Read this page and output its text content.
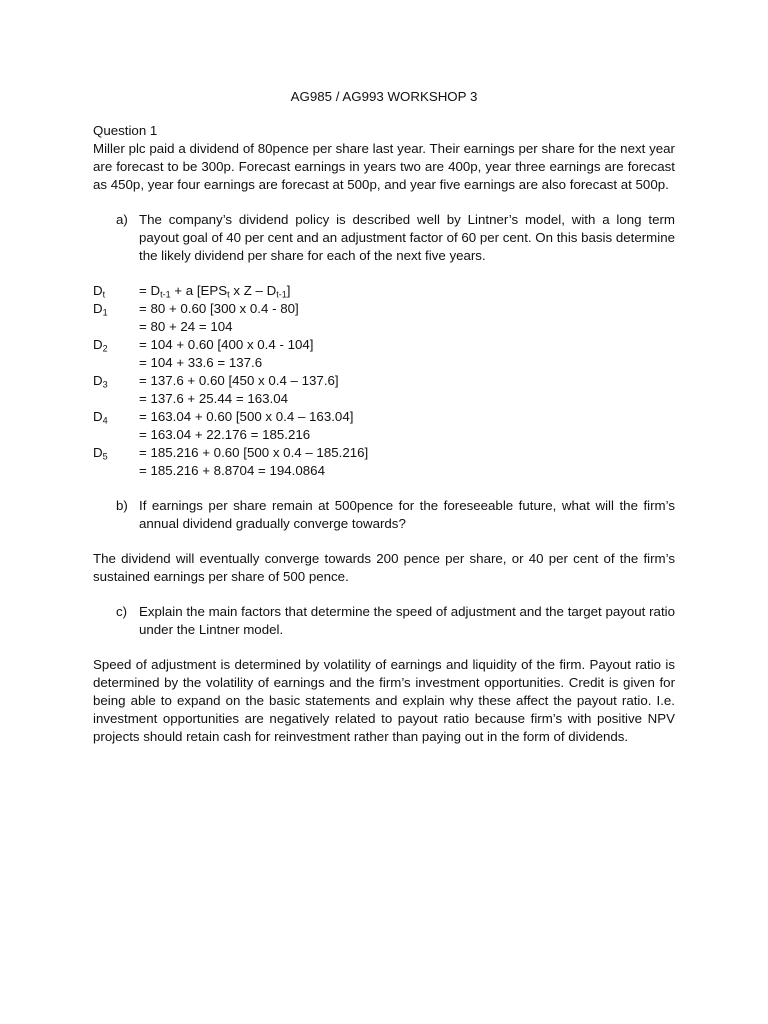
AG985 / AG993 WORKSHOP 3

Question 1

Miller plc paid a dividend of 80pence per share last year. Their earnings per share for the next year are forecast to be 300p. Forecast earnings in years two are 400p, year three earnings are forecast as 450p, year four earnings are forecast at 500p, and year five earnings are also forecast at 500p.

a) The company’s dividend policy is described well by Lintner’s model, with a long term payout goal of 40 per cent and an adjustment factor of 60 per cent. On this basis determine the likely dividend per share for each of the next five years.
$D_t$	= $D_{t-1} + a$ [$EPS_t$ x Z – $D_{t-1}$]
$D_1$	= 80 + 0.60 [300 x 0.4 - 80]
= 80 + 24 = 104
$D_2$	= 104 + 0.60 [400 x 0.4 - 104]
= 104 + 33.6 = 137.6
$D_3$	= 137.6 + 0.60 [450 x 0.4 – 137.6]
= 137.6 + 25.44 = 163.04
$D_4$	= 163.04 + 0.60 [500 x 0.4 – 163.04]
= 163.04 + 22.176 = 185.216
$D_5$	= 185.216 + 0.60 [500 x 0.4 – 185.216]
= 185.216 + 8.8704 = 194.0864
b) If earnings per share remain at 500pence for the foreseeable future, what will the firm’s annual dividend gradually converge towards?

The dividend will eventually converge towards 200 pence per share, or 40 per cent of the firm’s sustained earnings per share of 500 pence.

c) Explain the main factors that determine the speed of adjustment and the target payout ratio under the Lintner model.

Speed of adjustment is determined by volatility of earnings and liquidity of the firm. Payout ratio is determined by the volatility of earnings and the firm’s investment opportunities. Credit is given for being able to expand on the basic statements and explain why these affect the payout ratio. I.e. investment opportunities are negatively related to payout ratio because firm’s with positive NPV projects should retain cash for reinvestment rather than paying out in the form of dividends.
